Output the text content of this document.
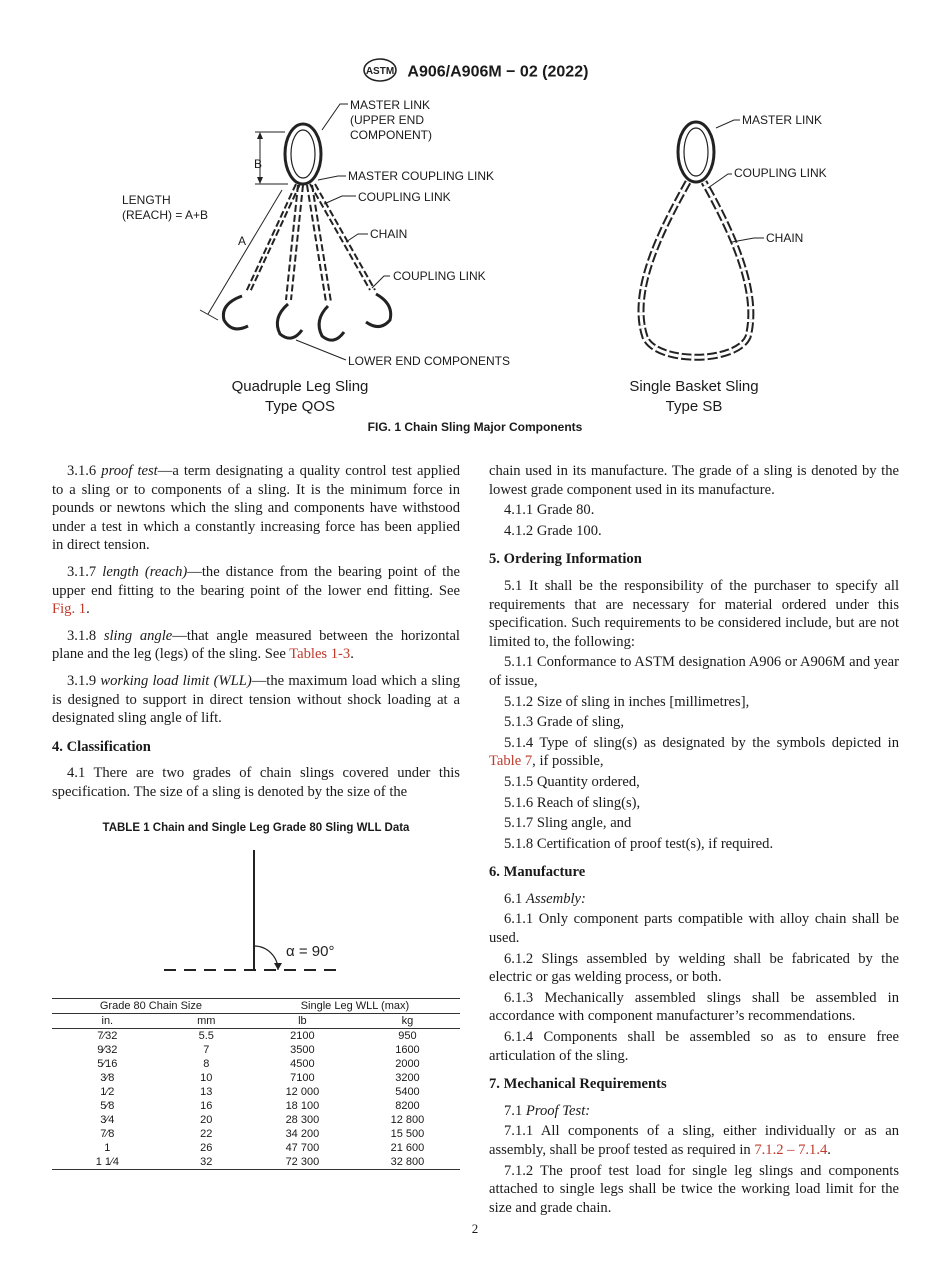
ASTM A906/A906M − 02 (2022)
MASTER LINK
(UPPER END
COMPONENT)
MASTER COUPLING LINK
COUPLING LINK
CHAIN
COUPLING LINK
LOWER END COMPONENTS
LENGTH
(REACH) = A+B
A
B
Quadruple Leg Sling
Type QOS
MASTER LINK
COUPLING LINK
CHAIN
Single Basket Sling
Type SB
FIG. 1 Chain Sling Major Components

3.1.6 proof test—a term designating a quality control test applied to a sling or to components of a sling. It is the minimum force in pounds or newtons which the sling and components have withstood under a test in which a constantly increasing force has been applied in direct tension.

3.1.7 length (reach)—the distance from the bearing point of the upper end fitting to the bearing point of the lower end fitting. See Fig. 1.

3.1.8 sling angle—that angle measured between the horizontal plane and the leg (legs) of the sling. See Tables 1-3.

3.1.9 working load limit (WLL)—the maximum load which a sling is designed to support in direct tension without shock loading at a designated sling angle of lift.

4. Classification

4.1 There are two grades of chain slings covered under this specification. The size of a sling is denoted by the size of the

TABLE 1 Chain and Single Leg Grade 80 Sling WLL Data
α = 90°
Grade 80 Chain Size		Single Leg WLL (max)	
in.	mm	lb	kg
7⁄32	5.5	2100	950
9⁄32	7	3500	1600
5⁄16	8	4500	2000
3⁄8	10	7100	3200
1⁄2	13	12 000	5400
5⁄8	16	18 100	8200
3⁄4	20	28 300	12 800
7⁄8	22	34 200	15 500
1	26	47 700	21 600
1 1⁄4	32	72 300	32 800

chain used in its manufacture. The grade of a sling is denoted by the lowest grade component used in its manufacture.

4.1.1 Grade 80.

4.1.2 Grade 100.

5. Ordering Information

5.1 It shall be the responsibility of the purchaser to specify all requirements that are necessary for material ordered under this specification. Such requirements to be considered include, but are not limited to, the following:

5.1.1 Conformance to ASTM designation A906 or A906M and year of issue,

5.1.2 Size of sling in inches [millimetres],

5.1.3 Grade of sling,

5.1.4 Type of sling(s) as designated by the symbols depicted in Table 7, if possible,

5.1.5 Quantity ordered,

5.1.6 Reach of sling(s),

5.1.7 Sling angle, and

5.1.8 Certification of proof test(s), if required.

6. Manufacture

6.1 Assembly:

6.1.1 Only component parts compatible with alloy chain shall be used.

6.1.2 Slings assembled by welding shall be fabricated by the electric or gas welding process, or both.

6.1.3 Mechanically assembled slings shall be assembled in accordance with component manufacturer’s recommendations.

6.1.4 Components shall be assembled so as to ensure free articulation of the sling.

7. Mechanical Requirements

7.1 Proof Test:

7.1.1 All components of a sling, either individually or as an assembly, shall be proof tested as required in 7.1.2 – 7.1.4.

7.1.2 The proof test load for single leg slings and components attached to single legs shall be twice the working load limit for the size and grade chain.

2
